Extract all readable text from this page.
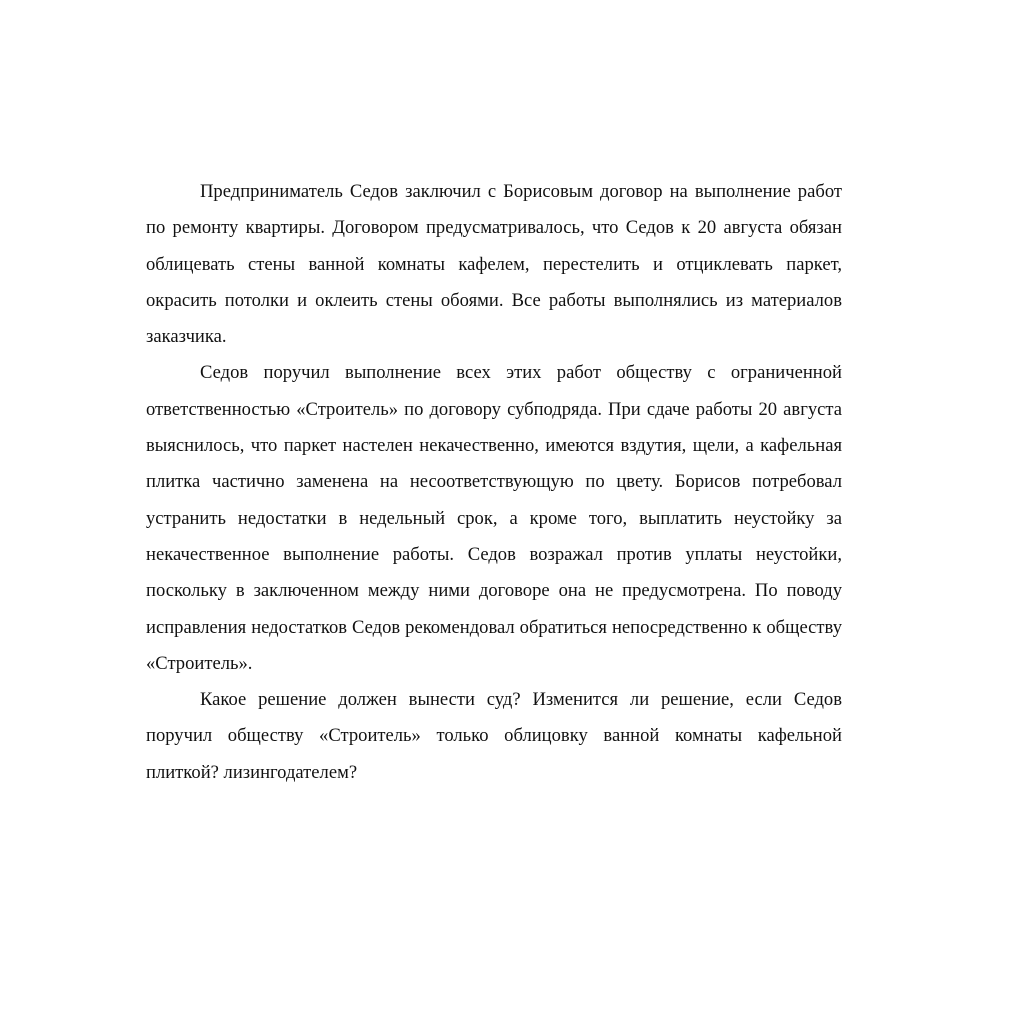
Предприниматель Седов заключил с Борисовым договор на выполнение работ по ремонту квартиры. Договором предусматривалось, что Седов к 20 августа обязан облицевать стены ванной комнаты кафелем, перестелить и отциклевать паркет, окрасить потолки и оклеить стены обоями. Все работы выполнялись из материалов заказчика.

Седов поручил выполнение всех этих работ обществу с ограниченной ответственностью «Строитель» по договору субподряда. При сдаче работы 20 августа выяснилось, что паркет настелен некачественно, имеются вздутия, щели, а кафельная плитка частично заменена на несоответствующую по цвету. Борисов потребовал устранить недостатки в недельный срок, а кроме того, выплатить неустойку за некачественное выполнение работы. Седов возражал против уплаты неустойки, поскольку в заключенном между ними договоре она не предусмотрена. По поводу исправления недостатков Седов рекомендовал обратиться непосредственно к обществу «Строитель».

Какое решение должен вынести суд? Изменится ли решение, если Седов поручил обществу «Строитель» только облицовку ванной комнаты кафельной плиткой? лизингодателем?
